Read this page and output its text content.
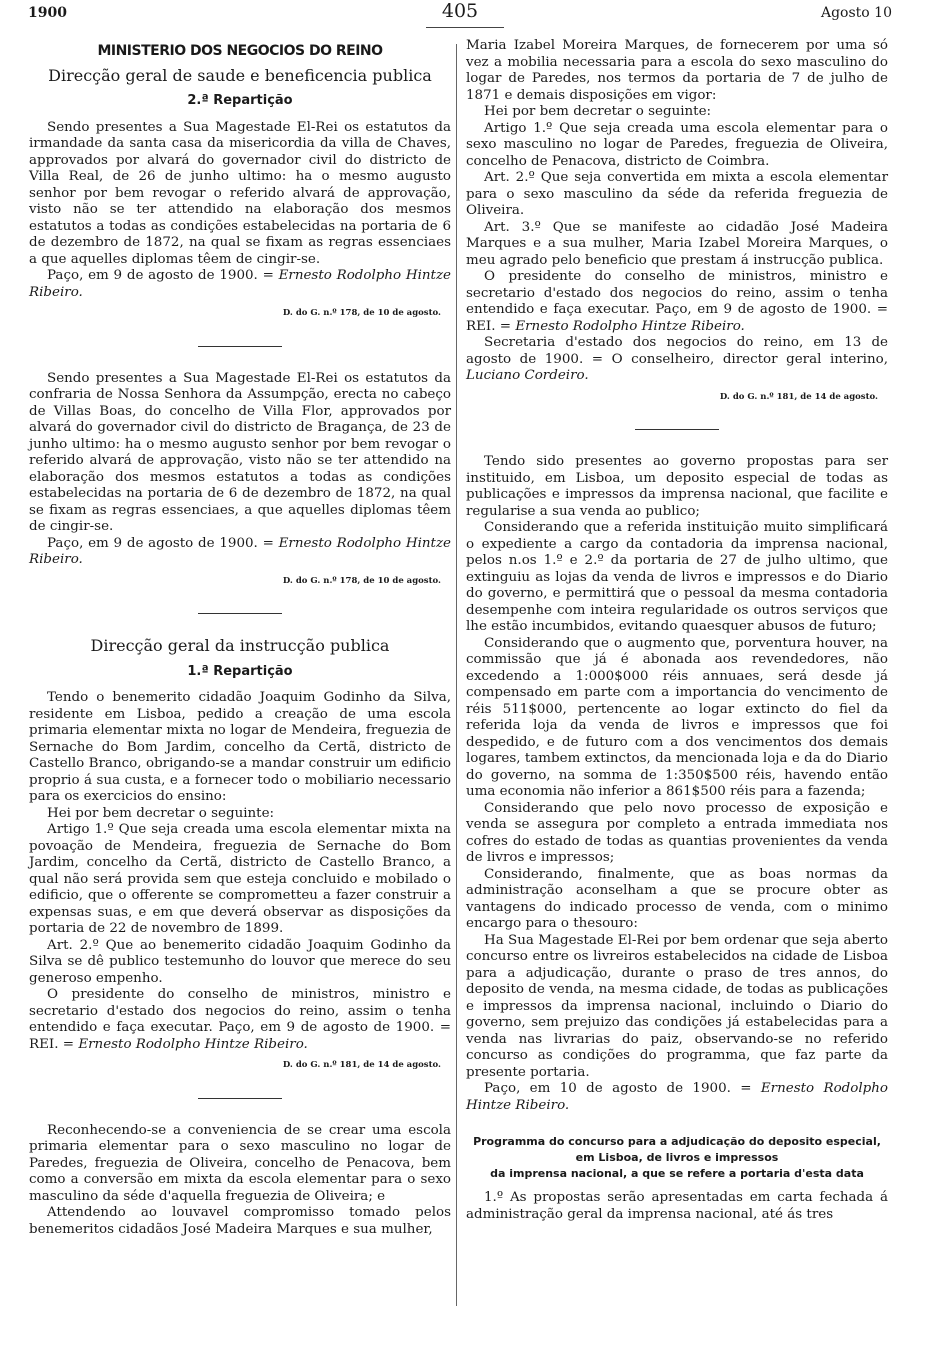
1900	405	Agosto 10
MINISTERIO DOS NEGOCIOS DO REINO
Direcção geral de saude e beneficencia publica
2.ª Repartição

Sendo presentes a Sua Magestade El-Rei os estatutos da irmandade da santa casa da misericordia da villa de Chaves, approvados por alvará do governador civil do districto de Villa Real, de 26 de junho ultimo: ha o mesmo augusto senhor por bem revogar o referido alvará de approvação, visto não se ter attendido na elaboração dos mesmos estatutos a todas as condições estabelecidas na portaria de 6 de dezembro de 1872, na qual se fixam as regras essenciaes a que aquelles diplomas têem de cingir-se.

Paço, em 9 de agosto de 1900. = Ernesto Rodolpho Hintze Ribeiro.

D. do G. n.º 178, de 10 de agosto.

Sendo presentes a Sua Magestade El-Rei os estatutos da confraria de Nossa Senhora da Assumpção, erecta no cabeço de Villas Boas, do concelho de Villa Flor, approvados por alvará do governador civil do districto de Bragança, de 23 de junho ultimo: ha o mesmo augusto senhor por bem revogar o referido alvará de approvação, visto não se ter attendido na elaboração dos mesmos estatutos a todas as condições estabelecidas na portaria de 6 de dezembro de 1872, na qual se fixam as regras essenciaes, a que aquelles diplomas têem de cingir-se.

Paço, em 9 de agosto de 1900. = Ernesto Rodolpho Hintze Ribeiro.

D. do G. n.º 178, de 10 de agosto.
Direcção geral da instrucção publica
1.ª Repartição

Tendo o benemerito cidadão Joaquim Godinho da Silva, residente em Lisboa, pedido a creação de uma escola primaria elementar mixta no logar de Mendeira, freguezia de Sernache do Bom Jardim, concelho da Certã, districto de Castello Branco, obrigando-se a mandar construir um edificio proprio á sua custa, e a fornecer todo o mobiliario necessario para os exercicios do ensino:

Hei por bem decretar o seguinte:

Artigo 1.º Que seja creada uma escola elementar mixta na povoação de Mendeira, freguezia de Sernache do Bom Jardim, concelho da Certã, districto de Castello Branco, a qual não será provida sem que esteja concluido e mobilado o edificio, que o offerente se comprometteu a fazer construir a expensas suas, e em que deverá observar as disposições da portaria de 22 de novembro de 1899.

Art. 2.º Que ao benemerito cidadão Joaquim Godinho da Silva se dê publico testemunho do louvor que merece do seu generoso empenho.

O presidente do conselho de ministros, ministro e secretario d'estado dos negocios do reino, assim o tenha entendido e faça executar. Paço, em 9 de agosto de 1900. = REI. = Ernesto Rodolpho Hintze Ribeiro.

D. do G. n.º 181, de 14 de agosto.

Reconhecendo-se a conveniencia de se crear uma escola primaria elementar para o sexo masculino no logar de Paredes, freguezia de Oliveira, concelho de Penacova, bem como a conversão em mixta da escola elementar para o sexo masculino da séde d'aquella freguezia de Oliveira; e

Attendendo ao louvavel compromisso tomado pelos benemeritos cidadãos José Madeira Marques e sua mulher,

Maria Izabel Moreira Marques, de fornecerem por uma só vez a mobilia necessaria para a escola do sexo masculino do logar de Paredes, nos termos da portaria de 7 de julho de 1871 e demais disposições em vigor:

Hei por bem decretar o seguinte:

Artigo 1.º Que seja creada uma escola elementar para o sexo masculino no logar de Paredes, freguezia de Oliveira, concelho de Penacova, districto de Coimbra.

Art. 2.º Que seja convertida em mixta a escola elementar para o sexo masculino da séde da referida freguezia de Oliveira.

Art. 3.º Que se manifeste ao cidadão José Madeira Marques e a sua mulher, Maria Izabel Moreira Marques, o meu agrado pelo beneficio que prestam á instrucção publica.

O presidente do conselho de ministros, ministro e secretario d'estado dos negocios do reino, assim o tenha entendido e faça executar. Paço, em 9 de agosto de 1900. = REI. = Ernesto Rodolpho Hintze Ribeiro.

Secretaria d'estado dos negocios do reino, em 13 de agosto de 1900. = O conselheiro, director geral interino, Luciano Cordeiro.

D. do G. n.º 181, de 14 de agosto.

Tendo sido presentes ao governo propostas para ser instituido, em Lisboa, um deposito especial de todas as publicações e impressos da imprensa nacional, que facilite e regularise a sua venda ao publico;

Considerando que a referida instituição muito simplificará o expediente a cargo da contadoria da imprensa nacional, pelos n.os 1.º e 2.º da portaria de 27 de julho ultimo, que extinguiu as lojas da venda de livros e impressos e do Diario do governo, e permittirá que o pessoal da mesma contadoria desempenhe com inteira regularidade os outros serviços que lhe estão incumbidos, evitando quaesquer abusos de futuro;

Considerando que o augmento que, porventura houver, na commissão que já é abonada aos revendedores, não excedendo a 1:000$000 réis annuaes, será desde já compensado em parte com a importancia do vencimento de réis 511$000, pertencente ao logar extincto do fiel da referida loja da venda de livros e impressos que foi despedido, e de futuro com a dos vencimentos dos demais logares, tambem extinctos, da mencionada loja e da do Diario do governo, na somma de 1:350$500 réis, havendo então uma economia não inferior a 861$500 réis para a fazenda;

Considerando que pelo novo processo de exposição e venda se assegura por completo a entrada immediata nos cofres do estado de todas as quantias provenientes da venda de livros e impressos;

Considerando, finalmente, que as boas normas da administração aconselham a que se procure obter as vantagens do indicado processo de venda, com o minimo encargo para o thesouro:

Ha Sua Magestade El-Rei por bem ordenar que seja aberto concurso entre os livreiros estabelecidos na cidade de Lisboa para a adjudicação, durante o praso de tres annos, do deposito de venda, na mesma cidade, de todas as publicações e impressos da imprensa nacional, incluindo o Diario do governo, sem prejuizo das condições já estabelecidas para a venda nas livrarias do paiz, observando-se no referido concurso as condições do programma, que faz parte da presente portaria.

Paço, em 10 de agosto de 1900. = Ernesto Rodolpho Hintze Ribeiro.

Programma do concurso para a adjudicação do deposito especial,
em Lisboa, de livros e impressos
da imprensa nacional, a que se refere a portaria d'esta data

1.º As propostas serão apresentadas em carta fechada á administração geral da imprensa nacional, até ás tres
